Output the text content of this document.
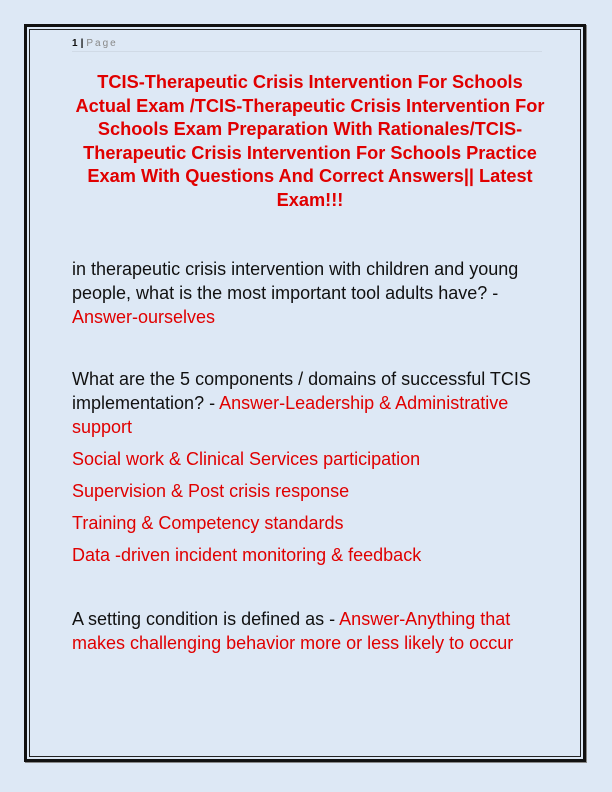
1 | Page
TCIS-Therapeutic Crisis Intervention For Schools
Actual Exam /TCIS-Therapeutic Crisis Intervention For
Schools Exam Preparation With Rationales/TCIS-
Therapeutic Crisis Intervention For Schools Practice
Exam With Questions And Correct Answers|| Latest
Exam!!!
in therapeutic crisis intervention with children and young
people, what is the most important tool adults have? -
Answer-ourselves
What are the 5 components / domains of successful TCIS
implementation? - Answer-Leadership & Administrative
support
Social work & Clinical Services participation
Supervision & Post crisis response
Training & Competency standards
Data -driven incident monitoring & feedback
A setting condition is defined as - Answer-Anything that
makes challenging behavior more or less likely to occur
